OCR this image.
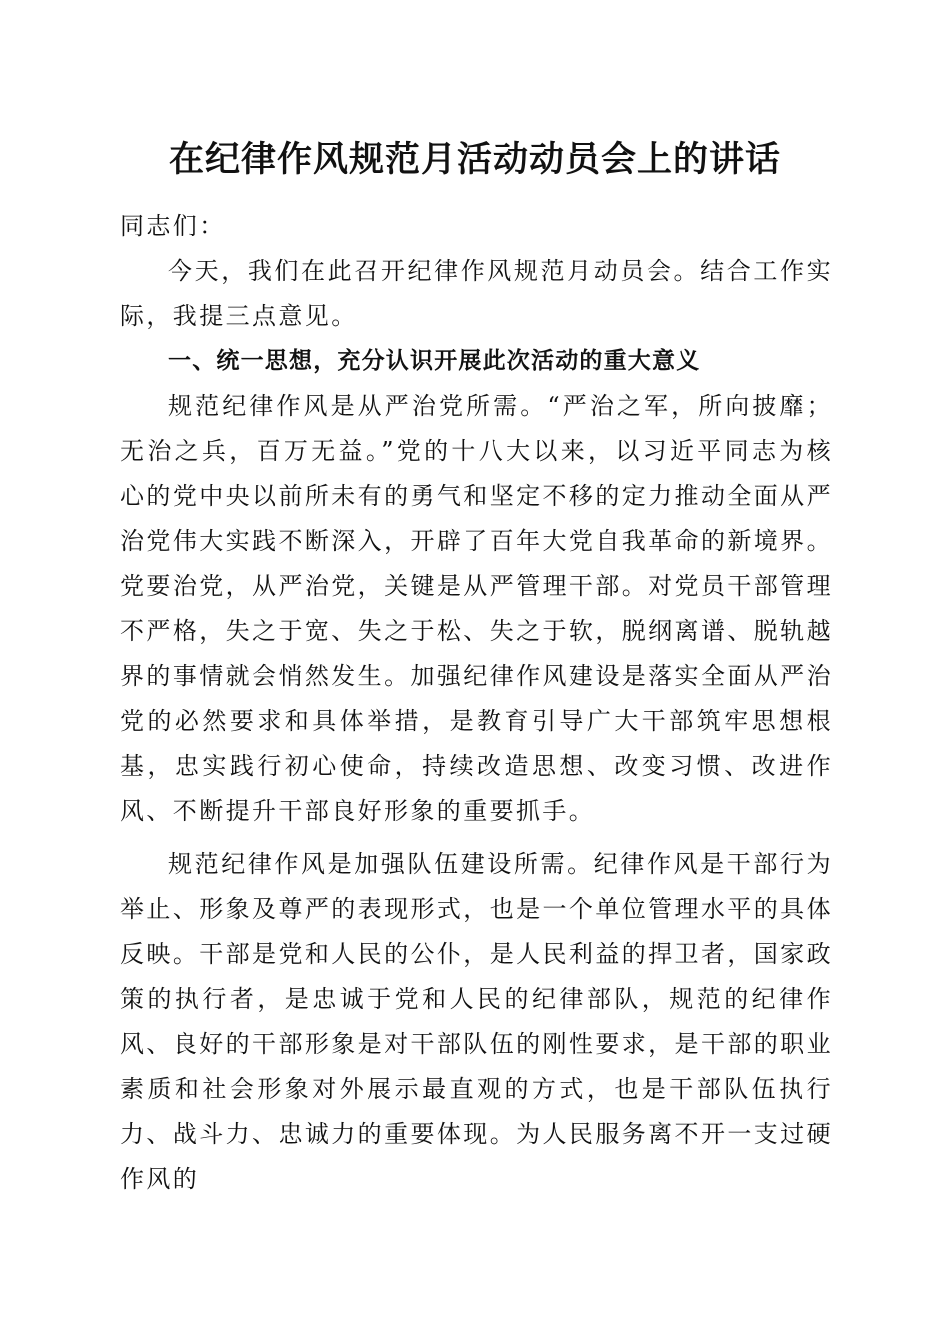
在纪律作风规范月活动动员会上的讲话

同志们：

今天，我们在此召开纪律作风规范月动员会。结合工作实际，我提三点意见。

一、统一思想，充分认识开展此次活动的重大意义

规范纪律作风是从严治党所需。“严治之军，所向披靡；无治之兵，百万无益。”党的十八大以来，以习近平同志为核心的党中央以前所未有的勇气和坚定不移的定力推动全面从严治党伟大实践不断深入，开辟了百年大党自我革命的新境界。党要治党，从严治党，关键是从严管理干部。对党员干部管理不严格，失之于宽、失之于松、失之于软，脱纲离谱、脱轨越界的事情就会悄然发生。加强纪律作风建设是落实全面从严治党的必然要求和具体举措，是教育引导广大干部筑牢思想根基，忠实践行初心使命，持续改造思想、改变习惯、改进作风、不断提升干部良好形象的重要抓手。

规范纪律作风是加强队伍建设所需。纪律作风是干部行为举止、形象及尊严的表现形式，也是一个单位管理水平的具体反映。干部是党和人民的公仆，是人民利益的捍卫者，国家政策的执行者，是忠诚于党和人民的纪律部队，规范的纪律作风、良好的干部形象是对干部队伍的刚性要求，是干部的职业素质和社会形象对外展示最直观的方式，也是干部队伍执行力、战斗力、忠诚力的重要体现。为人民服务离不开一支过硬作风的
